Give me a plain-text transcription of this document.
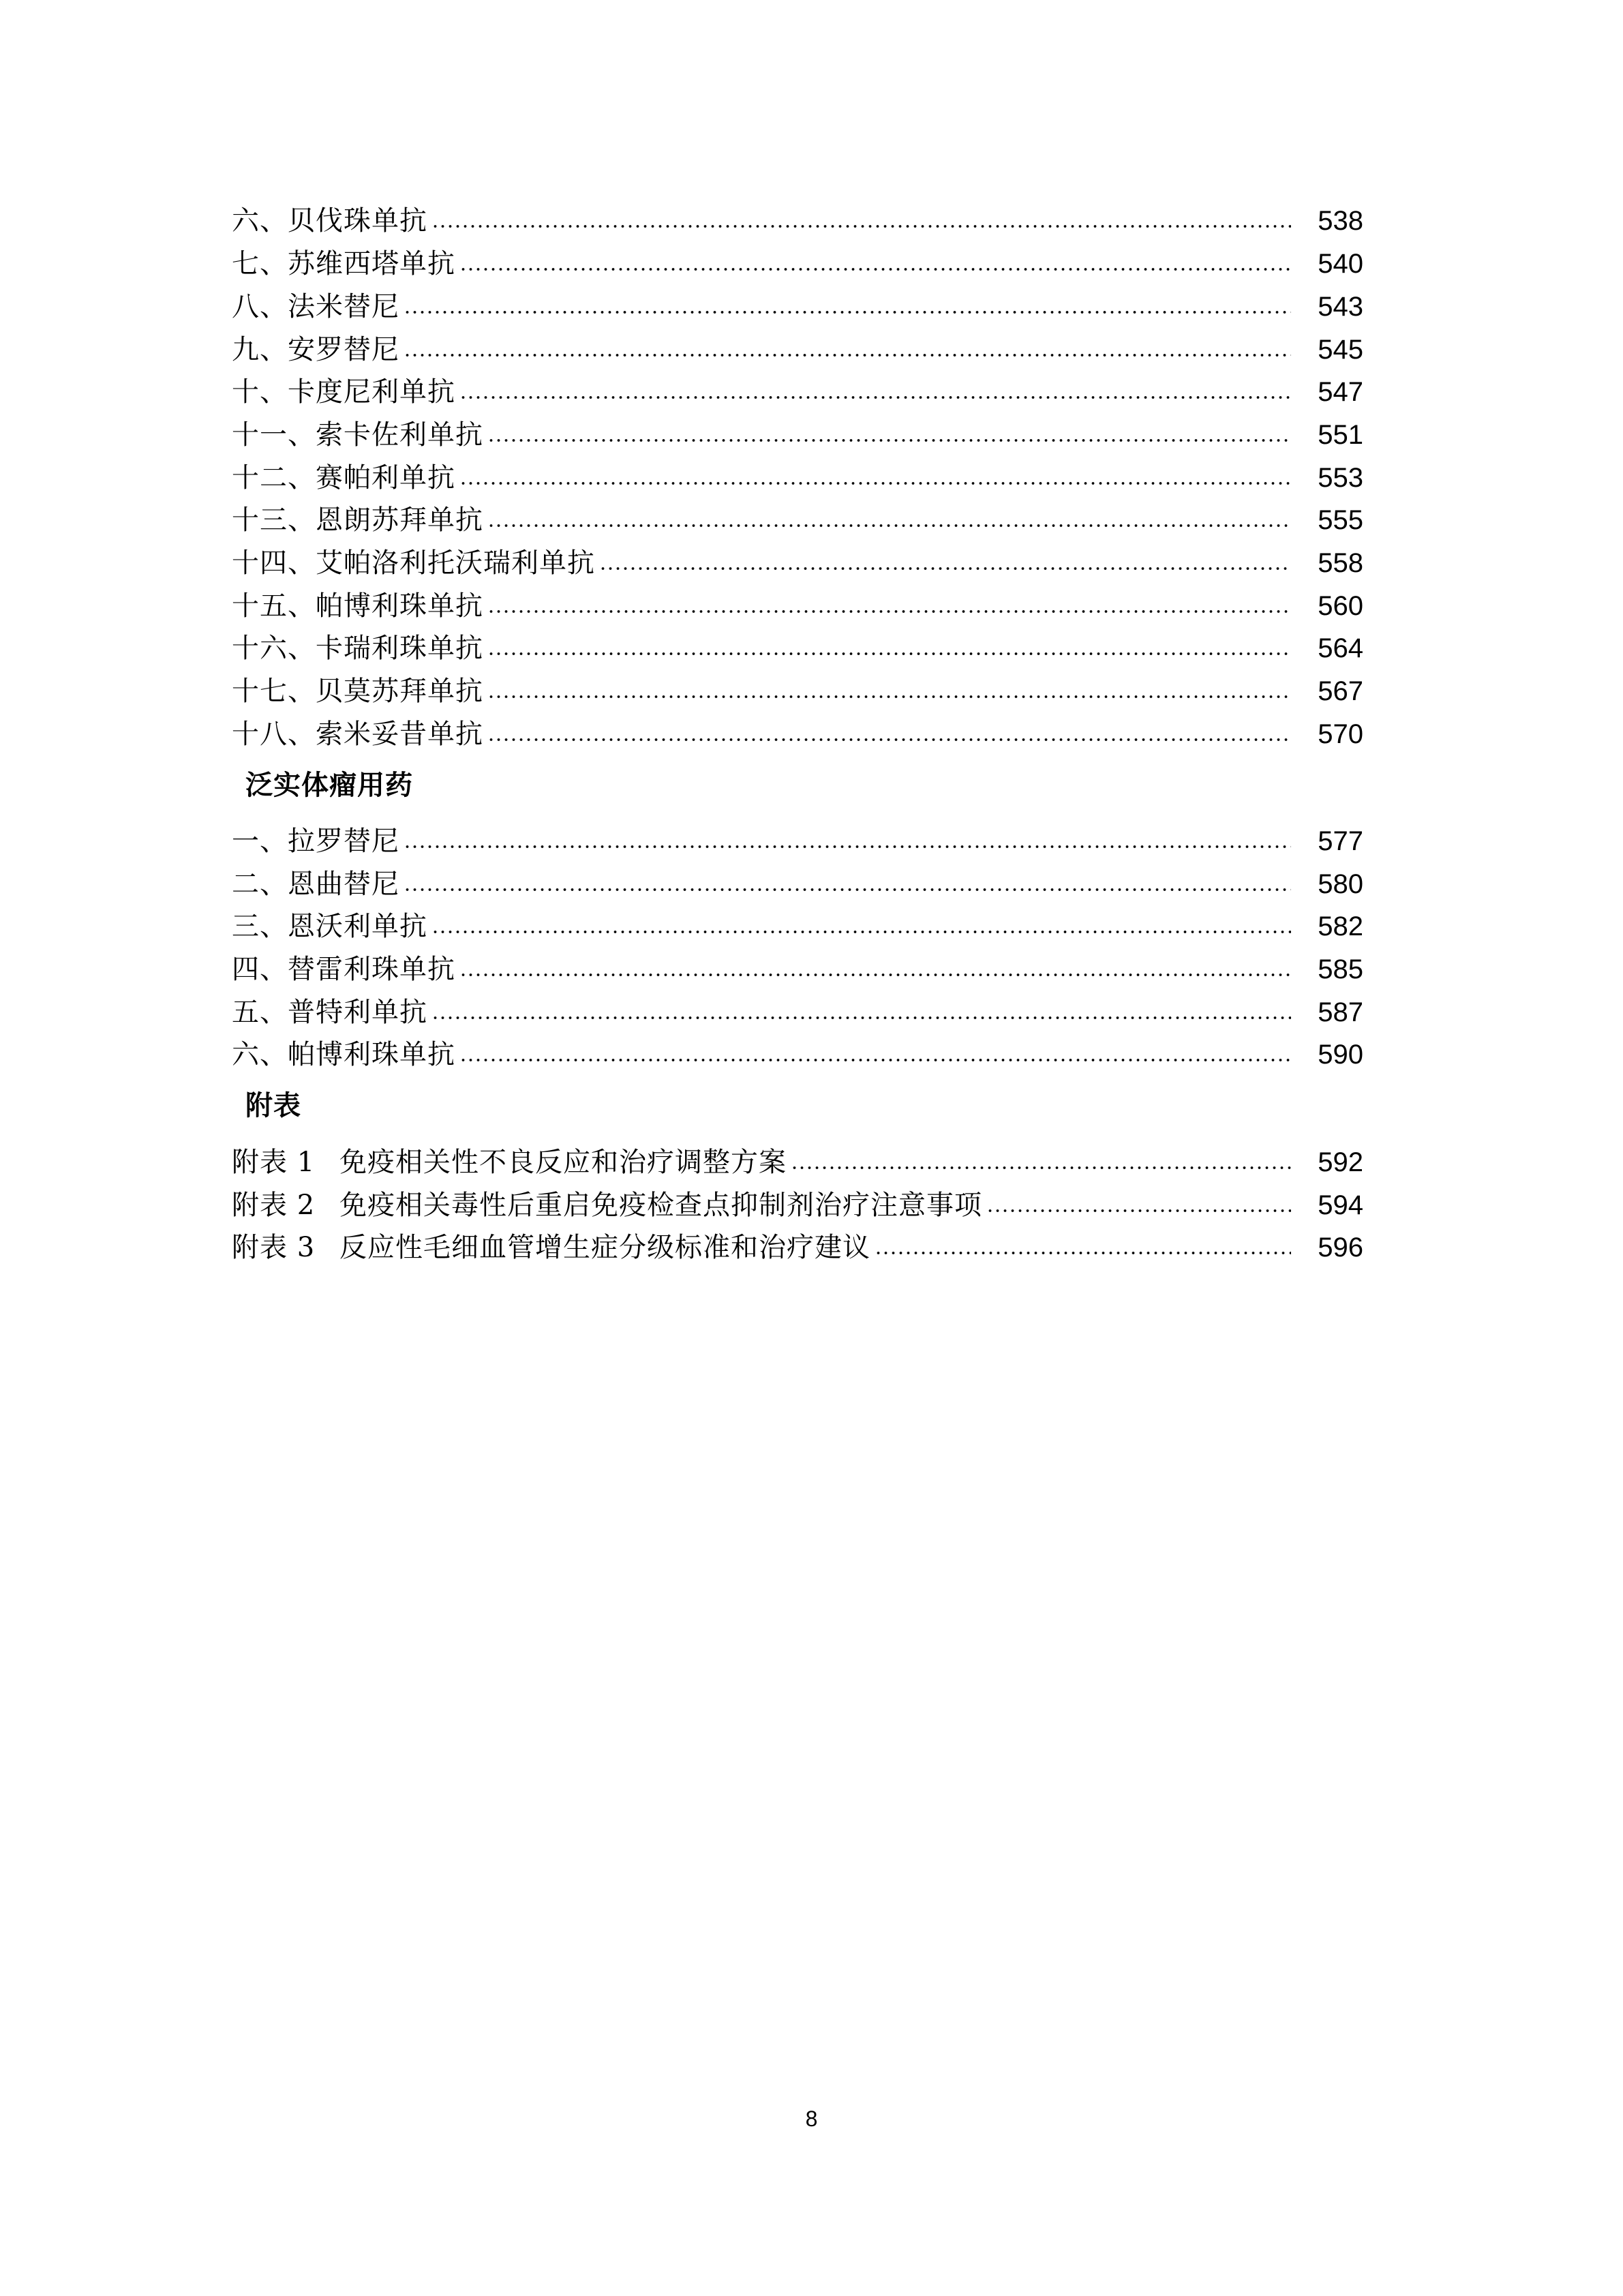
六、贝伐珠单抗	538
七、苏维西塔单抗	540
八、法米替尼	543
九、安罗替尼	545
十、卡度尼利单抗	547
十一、索卡佐利单抗	551
十二、赛帕利单抗	553
十三、恩朗苏拜单抗	555
十四、艾帕洛利托沃瑞利单抗	558
十五、帕博利珠单抗	560
十六、卡瑞利珠单抗	564
十七、贝莫苏拜单抗	567
十八、索米妥昔单抗	570
泛实体瘤用药
一、拉罗替尼	577
二、恩曲替尼	580
三、恩沃利单抗	582
四、替雷利珠单抗	585
五、普特利单抗	587
六、帕博利珠单抗	590
附表
附表 1 免疫相关性不良反应和治疗调整方案	592
附表 2 免疫相关毒性后重启免疫检查点抑制剂治疗注意事项	594
附表 3 反应性毛细血管增生症分级标准和治疗建议	596
8
